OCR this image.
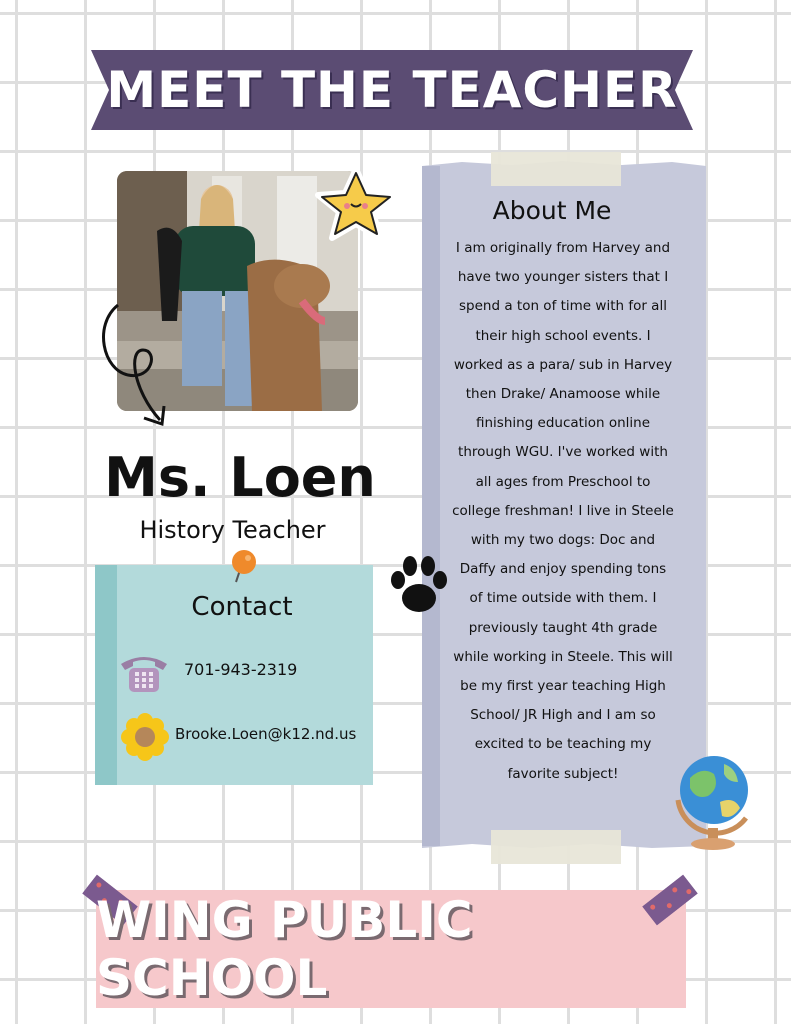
MEET THE TEACHER
Ms. Loen
History Teacher
Contact
701-943-2319
Brooke.Loen@k12.nd.us
About Me
I am originally from Harvey and have two younger sisters that I spend a ton of time with for all their high school events. I worked as a para/ sub in Harvey then Drake/ Anamoose while finishing education online through WGU. I've worked with all ages from Preschool to college freshman! I live in Steele with my two dogs: Doc and Daffy and enjoy spending tons of time outside with them. I previously taught 4th grade while working in Steele. This will be my first year teaching High School/ JR High and I am so excited to be teaching my favorite subject!
WING PUBLIC SCHOOL
